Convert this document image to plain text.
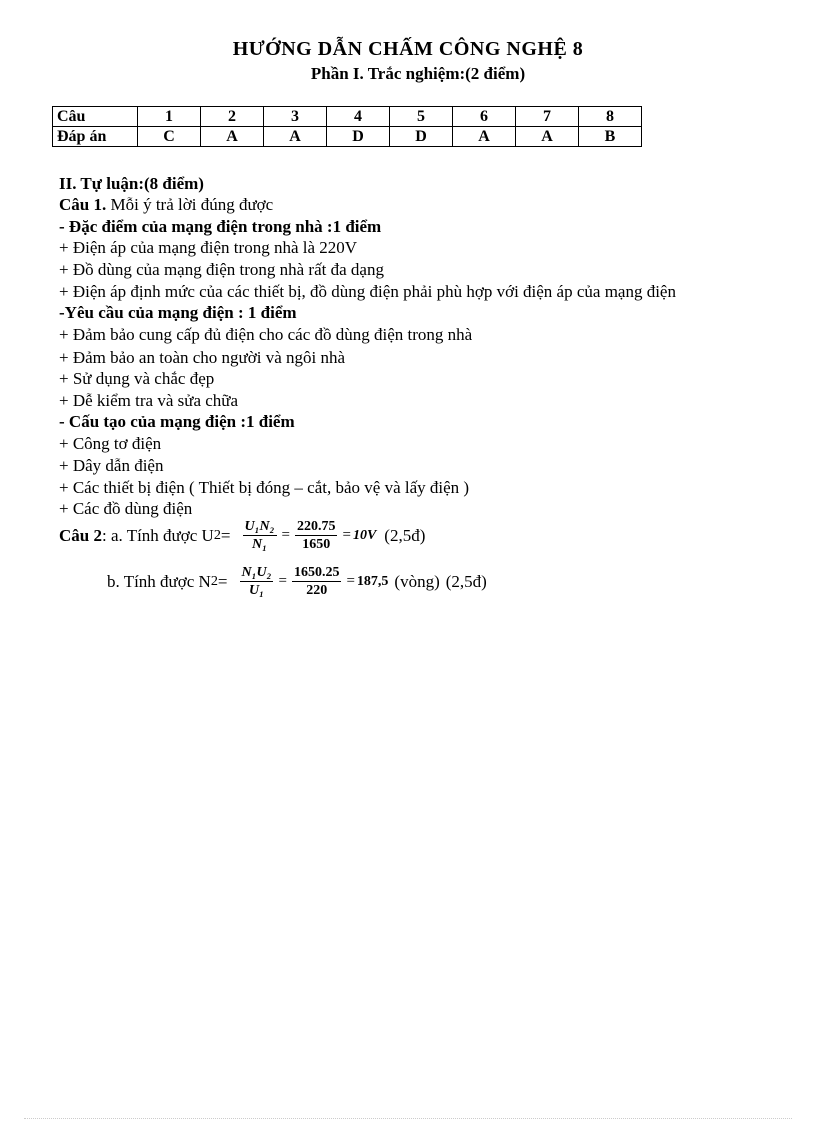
HƯỚNG DẪN CHẤM CÔNG NGHỆ 8
Phần I. Trắc nghiệm:(2 điểm)
Câu	1	2	3	4	5	6	7	8
Đáp án	C	A	A	D	D	A	A	B
II. Tự luận:(8 điểm)
Câu 1. Mỗi ý trả lời đúng được
- Đặc điểm của mạng điện trong nhà :1 điểm
+ Điện áp của mạng điện trong nhà là 220V
+ Đồ dùng của mạng điện trong nhà rất đa dạng
+ Điện áp định mức của các thiết bị, đồ dùng điện phải phù hợp với điện áp của mạng điện
-Yêu cầu của mạng điện : 1 điểm
+ Đảm bảo cung cấp đủ điện cho các đồ dùng điện trong nhà
+ Đảm bảo an toàn cho người và ngôi nhà
+ Sử dụng và chắc đẹp
+ Dễ kiểm tra và sửa chữa
- Cấu tạo của mạng điện :1 điểm
+ Công tơ điện
+ Dây dẫn điện
+ Các thiết bị điện ( Thiết bị đóng – cắt, bảo vệ và lấy điện )
+ Các đồ dùng điện
Câu 2 : a. Tính được U $2 = \frac{\text{U₁N₂}}{\text{N₁}} = \frac{220.75}{1650} = 10V$ (2,5đ)
b. Tính được N $2 = \frac{\text{N₁U₂}}{\text{U₁}} = \frac{1650.25}{220} = 187,5$ (vòng) (2,5đ)
